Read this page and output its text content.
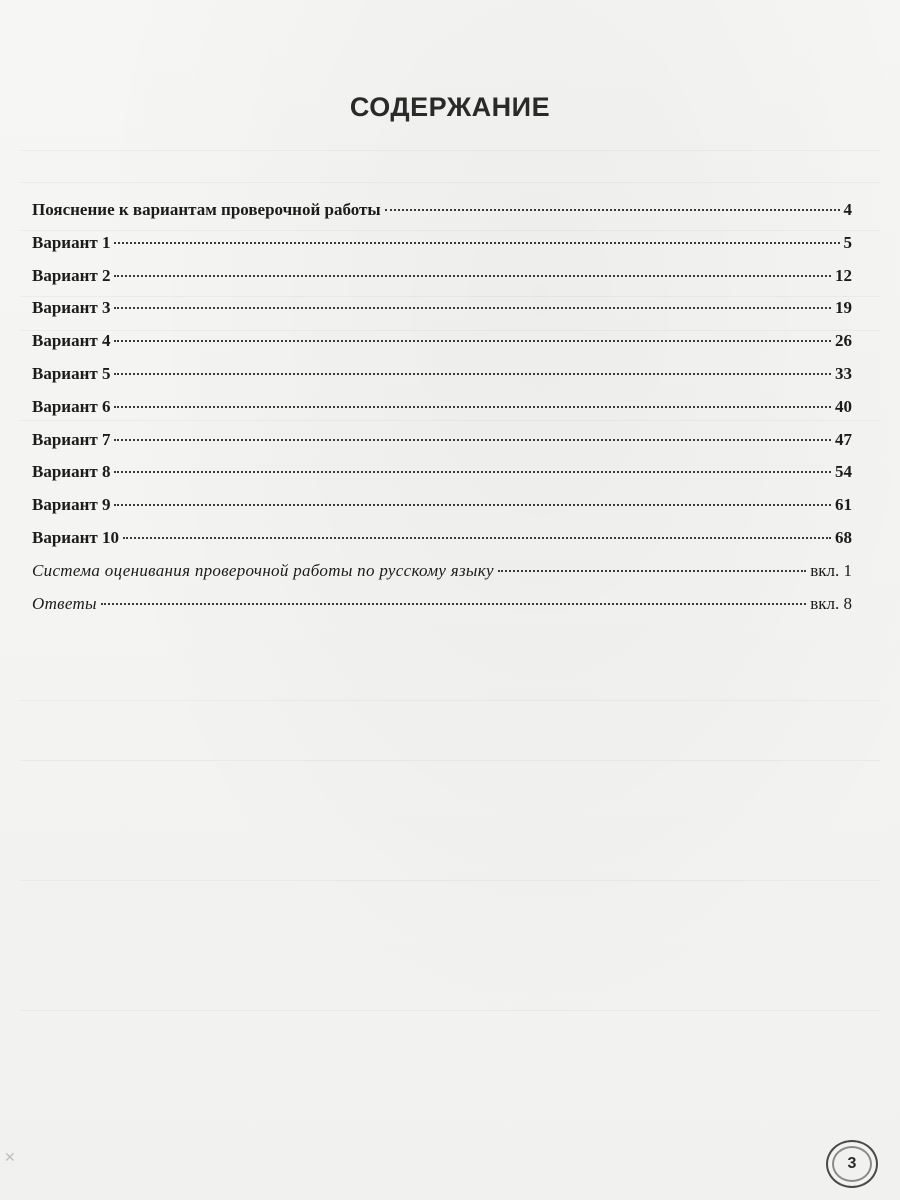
СОДЕРЖАНИЕ
Пояснение к вариантам проверочной работы	4
Вариант 1	5
Вариант 2	12
Вариант 3	19
Вариант 4	26
Вариант 5	33
Вариант 6	40
Вариант 7	47
Вариант 8	54
Вариант 9	61
Вариант 10	68
Система оценивания проверочной работы по русскому языку	вкл. 1
Ответы	вкл. 8
✕	3
